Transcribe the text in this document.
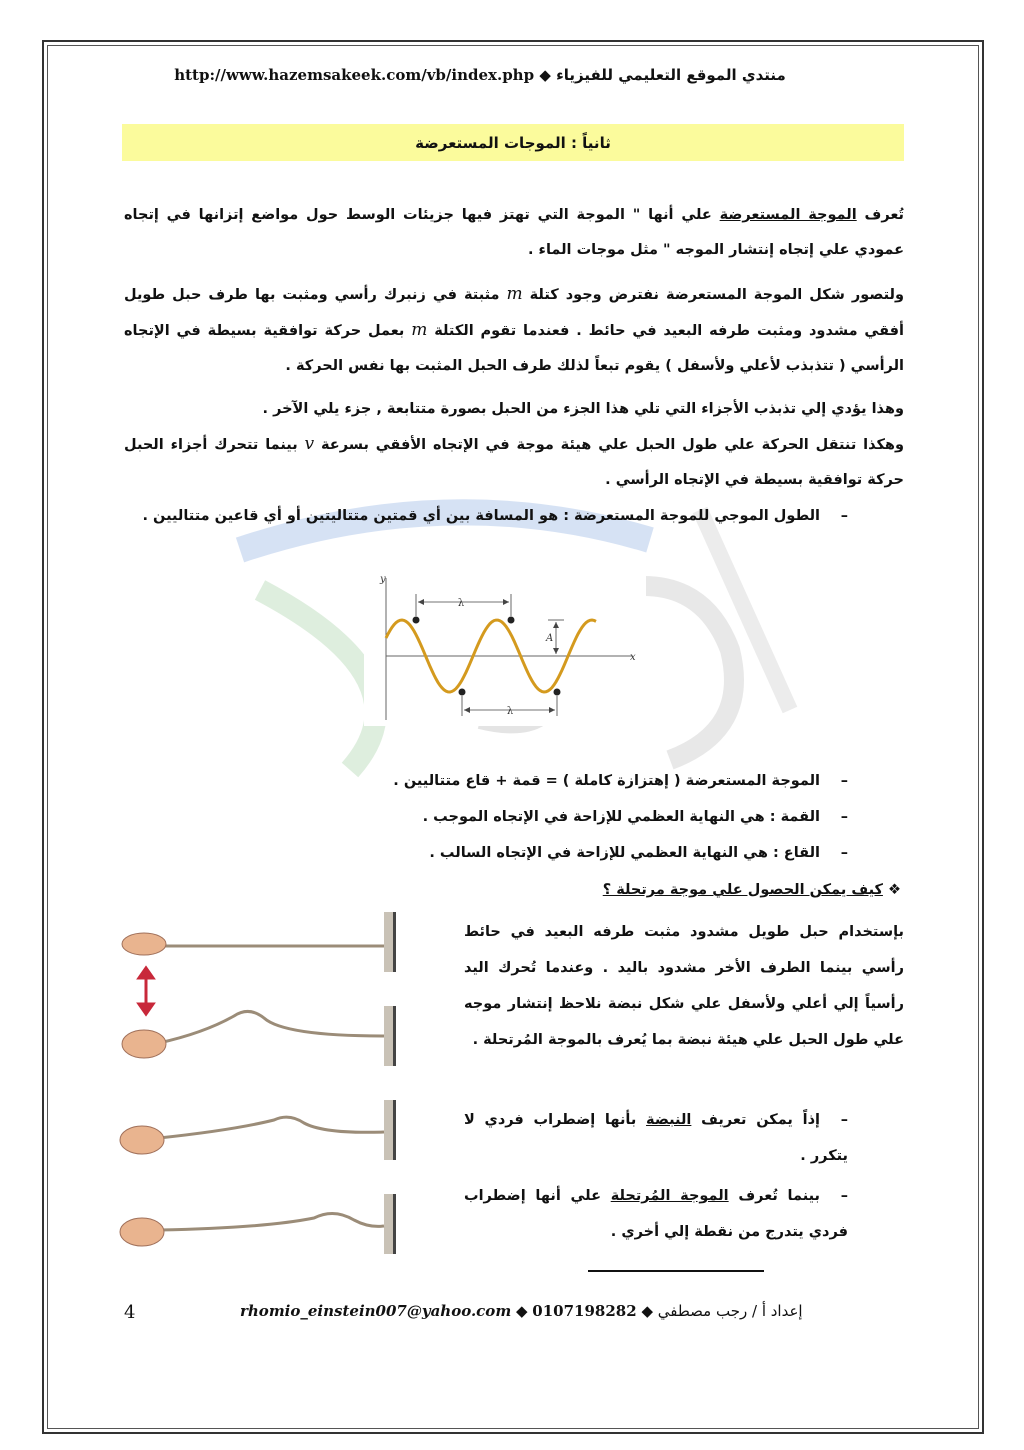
منتدي الموقع التعليمي للفيزياء ◆ http://www.hazemsakeek.com/vb/index.php
ثانياً : الموجات المستعرضة
تُعرف الموجة المستعرضة علي أنها " الموجة التي تهتز فيها جزيئات الوسط حول مواضع إتزانها في إتجاه عمودي علي إتجاه إنتشار الموجه " مثل موجات الماء .
ولتصور شكل الموجة المستعرضة نفترض وجود كتلة m مثبتة في زنبرك رأسي ومثبت بها طرف حبل طويل أفقي مشدود ومثبت طرفه البعيد في حائط . فعندما تقوم الكتلة m بعمل حركة توافقية بسيطة في الإتجاه الرأسي ( تتذبذب لأعلي ولأسفل ) يقوم تبعاً لذلك طرف الحبل المثبت بها نفس الحركة .
وهذا يؤدي إلي تذبذب الأجزاء التي تلي هذا الجزء من الحبل بصورة متتابعة , جزء يلي الآخر .
وهكذا تنتقل الحركة علي طول الحبل علي هيئة موجة في الإتجاه الأفقي بسرعة v بينما تتحرك أجزاء الحبل حركة توافقية بسيطة في الإتجاه الرأسي .
–الطول الموجي للموجة المستعرضة : هو المسافة بين أي قمتين متتاليتين أو أي قاعين متتاليين .
y
x
λ
λ
A
–الموجة المستعرضة ( إهتزازة كاملة ) = قمة + قاع متتاليين .
–القمة : هي النهاية العظمي للإزاحة في الإتجاه الموجب .
–القاع : هي النهاية العظمي للإزاحة في الإتجاه السالب .
❖ كيف يمكن الحصول علي موجة مرتحلة ؟
بإستخدام حبل طويل مشدود مثبت طرفه البعيد في حائط رأسي بينما الطرف الأخر مشدود باليد . وعندما تُحرك اليد رأسياً إلي أعلي ولأسفل علي شكل نبضة نلاحظ إنتشار موجه علي طول الحبل علي هيئة نبضة بما يُعرف بالموجة المُرتحلة .
–إذاً يمكن تعريف النبضة بأنها إضطراب فردي لا يتكرر .
–بينما تُعرف الموجة المُرتحلة علي أنها إضطراب فردي يتدرج من نقطة إلي أخري .
إعداد أ / رجب مصطفي ◆ 0107198282 ◆ rhomio_einstein007@yahoo.com
4
